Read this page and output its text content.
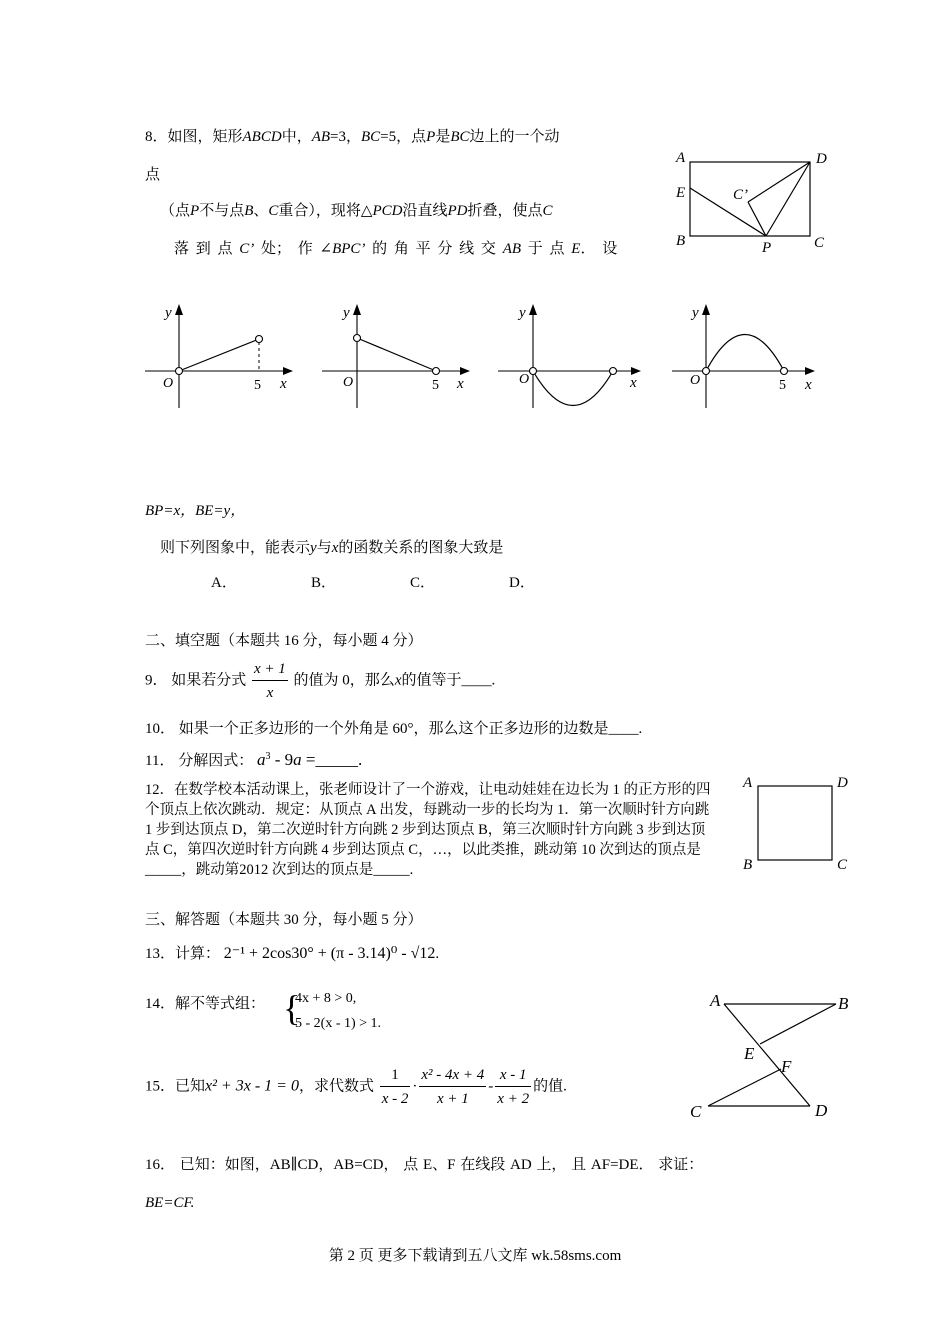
8．如图，矩形ABCD中，AB=3，BC=5，点P是BC边上的一个动
点
（点P不与点B、C重合），现将△PCD沿直线PD折叠，使点C
落 到 点 C’ 处； 作 ∠BPC’ 的 角 平 分 线 交 AB 于 点 E． 设
A	D
E	C’
B	P	C
y
x
O	5
y
x
O	5
y
x
O
y
x
O	5
BP=x，BE=y，
则下列图象中，能表示y与x的函数关系的图象大致是
A．	B．	C．	D．
二、填空题（本题共 16 分，每小题 4 分）
9． 如果若分式 $\frac{x + 1}{x}$ 的值为 0，那么x的值等于____.
10． 如果一个正多边形的一个外角是 60°，那么这个正多边形的边数是____.
11． 分解因式： $a^3 - 9a$ =_____.
12．在数学校本活动课上，张老师设计了一个游戏，让电动娃娃在边长为 1 的正方形的四个顶点上依次跳动．规定：从顶点 A 出发，每跳动一步的长均为 1．第一次顺时针方向跳 1 步到达顶点 D，第二次逆时针方向跳 2 步到达顶点 B，第三次顺时针方向跳 3 步到达顶点 C，第四次逆时针方向跳 4 步到达顶点 C，…，以此类推，跳动第 10 次到达的顶点是_____，跳动第2012 次到达的顶点是_____.
A	D
B	C
三、解答题（本题共 30 分，每小题 5 分）
13．计算： 2⁻¹ + 2cos30° + (π - 3.14)⁰ - √12.
14．解不等式组： {
4x + 8 > 0,
5 - 2(x - 1) > 1.
15．已知x² + 3x - 1 = 0，求代数式 $\frac{1}{x - 2} \cdot \frac{\text{x² - 4x + 4}}{x + 1} - \frac{x - 1}{x + 2}$ 的值.
A	B
E
F
C	D
16． 已知：如图，AB∥CD，AB=CD， 点 E、F 在线段 AD 上， 且 AF=DE． 求证：
BE=CF.
第 2 页 更多下载请到五八文库 wk.58sms.com
